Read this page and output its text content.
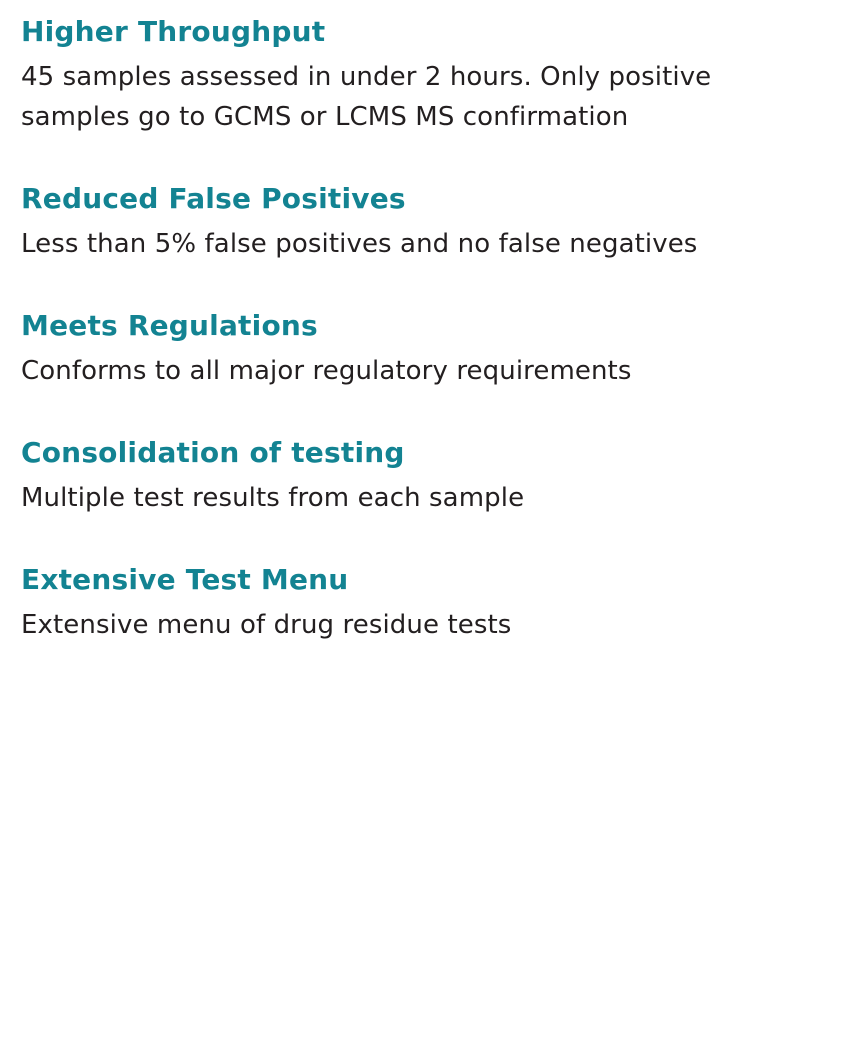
Higher Throughput
45 samples assessed in under 2 hours. Only positive samples go to GCMS or LCMS MS confirmation
Reduced False Positives
Less than 5% false positives and no false negatives
Meets Regulations
Conforms to all major regulatory requirements
Consolidation of testing
Multiple test results from each sample
Extensive Test Menu
Extensive menu of drug residue tests
